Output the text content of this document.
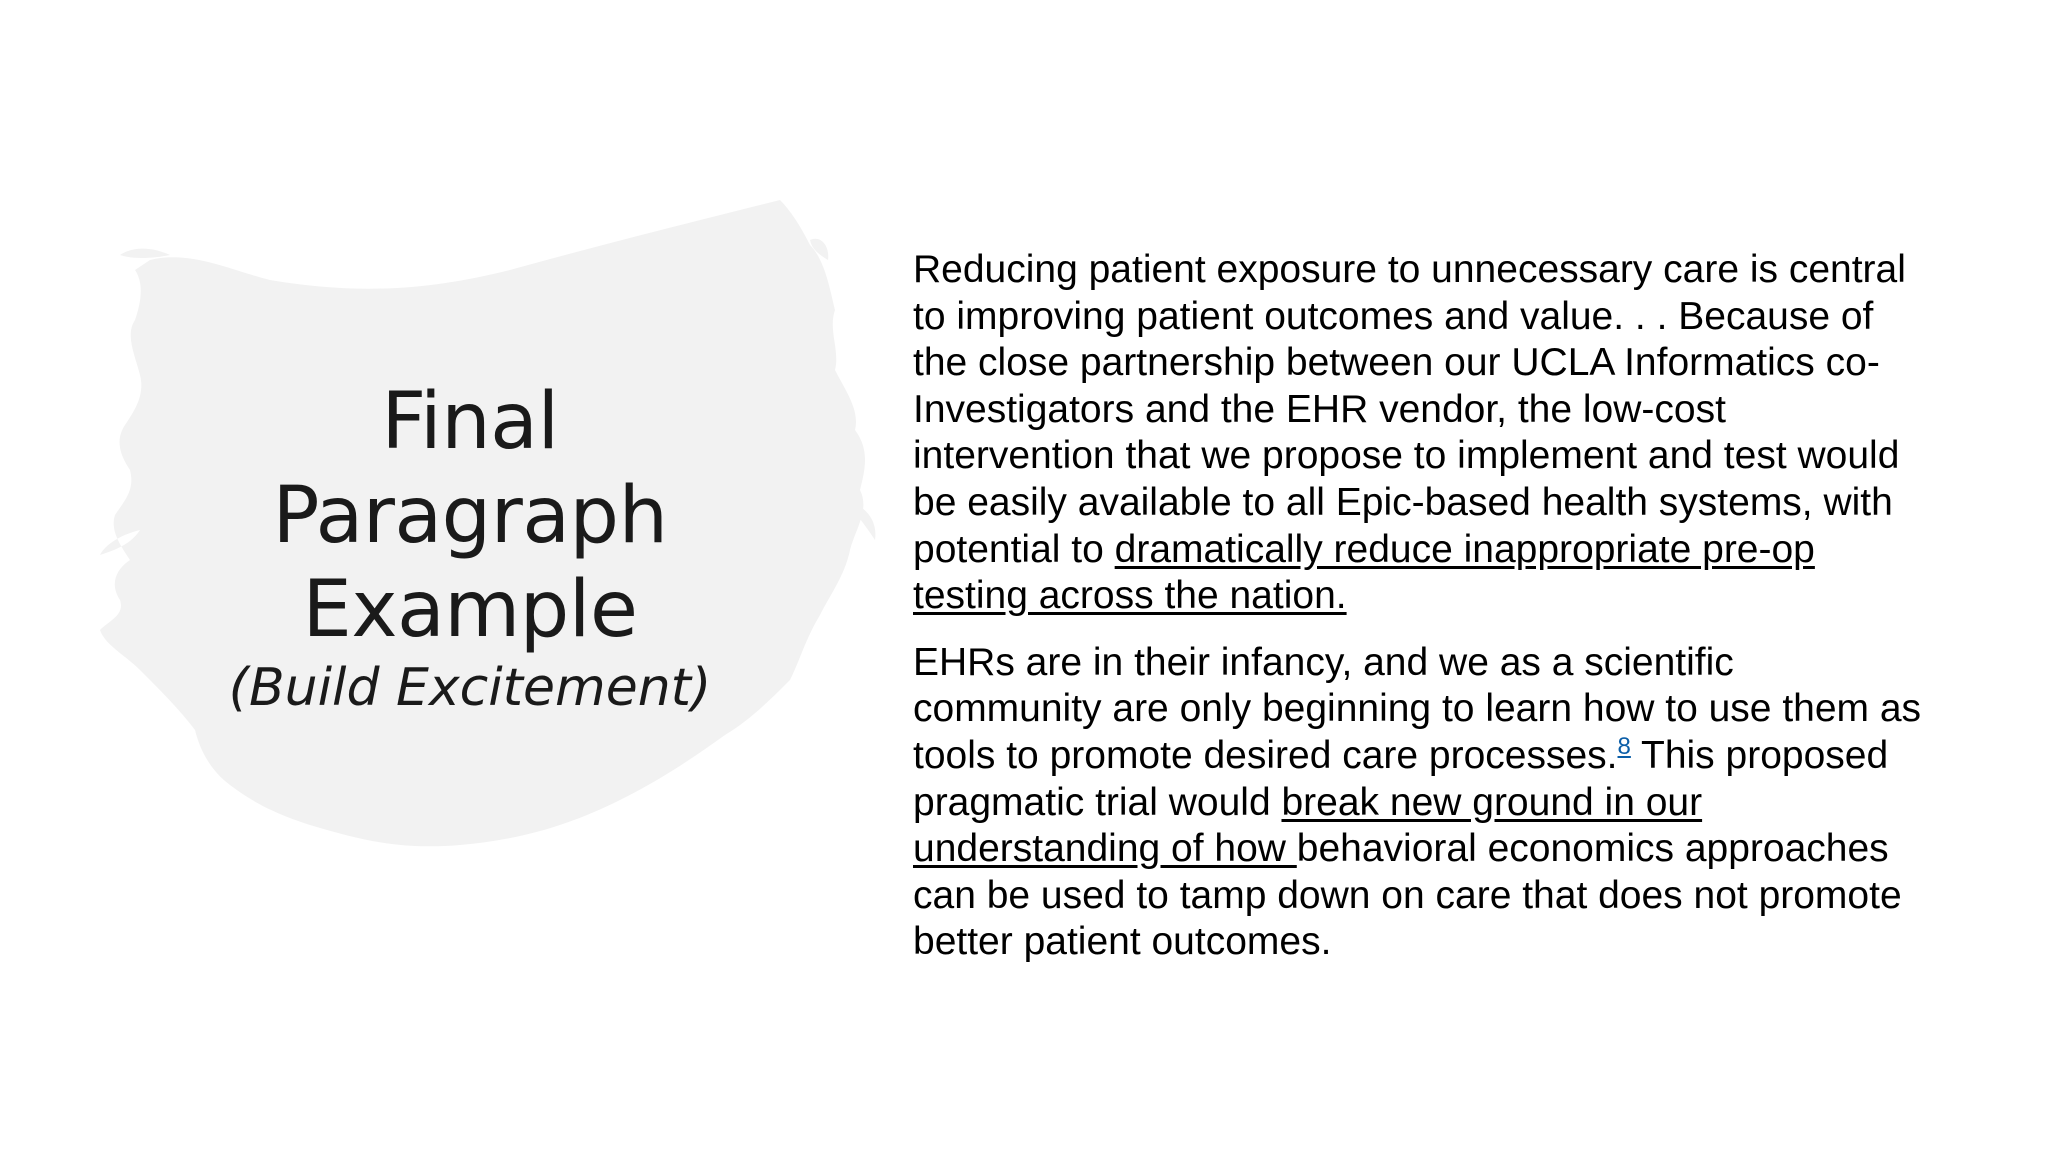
Final
Paragraph
Example
(Build Excitement)

Reducing patient exposure to unnecessary care is central to improving patient outcomes and value. . . Because of the close partnership between our UCLA Informatics co-Investigators and the EHR vendor, the low-cost intervention that we propose to implement and test would be easily available to all Epic-based health systems, with potential to dramatically reduce inappropriate pre-op testing across the nation.

EHRs are in their infancy, and we as a scientific community are only beginning to learn how to use them as tools to promote desired care processes.$^8$ This proposed pragmatic trial would break new ground in our understanding of how behavioral economics approaches can be used to tamp down on care that does not promote better patient outcomes.
